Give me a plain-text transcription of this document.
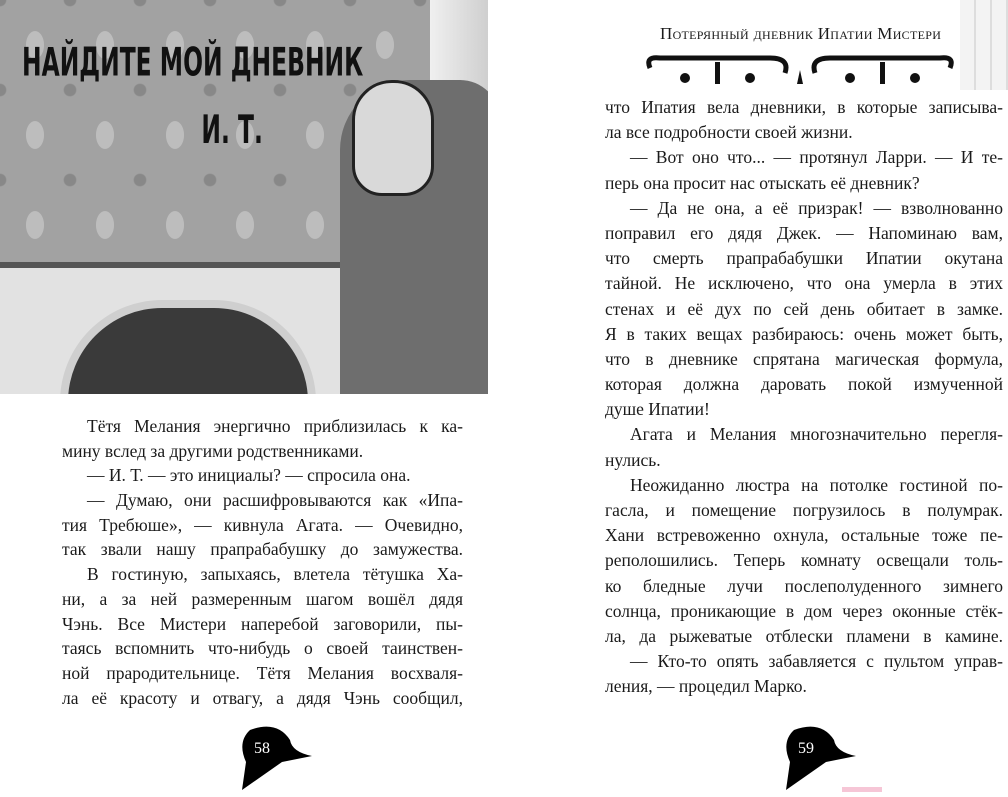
НАЙДИТЕ МОЙ ДНЕВНИК
И. Т.
Тётя Мелания энергично приблизилась к ка-
мину вслед за другими родственниками.
— И. Т. — это инициалы? — спросила она.
— Думаю, они расшифровываются как «Ипа-
тия Требюше», — кивнула Агата. — Очевидно,
так звали нашу прапрабабушку до замужества.
В гостиную, запыхаясь, влетела тётушка Ха-
ни, а за ней размеренным шагом вошёл дядя
Чэнь. Все Мистери наперебой заговорили, пы-
таясь вспомнить что-нибудь о своей таинствен-
ной прародительнице. Тётя Мелания восхваля-
ла её красоту и отвагу, а дядя Чэнь сообщил,
Потерянный дневник Ипатии Мистери
что Ипатия вела дневники, в которые записыва-
ла все подробности своей жизни.
— Вот оно что... — протянул Ларри. — И те-
перь она просит нас отыскать её дневник?
— Да не она, а её призрак! — взволнованно
поправил его дядя Джек. — Напоминаю вам,
что смерть прапрабабушки Ипатии окутана
тайной. Не исключено, что она умерла в этих
стенах и её дух по сей день обитает в замке.
Я в таких вещах разбираюсь: очень может быть,
что в дневнике спрятана магическая формула,
которая должна даровать покой измученной
душе Ипатии!
Агата и Мелания многозначительно перегля-
нулись.
Неожиданно люстра на потолке гостиной по-
гасла, и помещение погрузилось в полумрак.
Хани встревоженно охнула, остальные тоже пе-
реполошились. Теперь комнату освещали толь-
ко бледные лучи послеполуденного зимнего
солнца, проникающие в дом через оконные стёк-
ла, да рыжеватые отблески пламени в камине.
— Кто-то опять забавляется с пультом управ-
ления, — процедил Марко.
58	59
